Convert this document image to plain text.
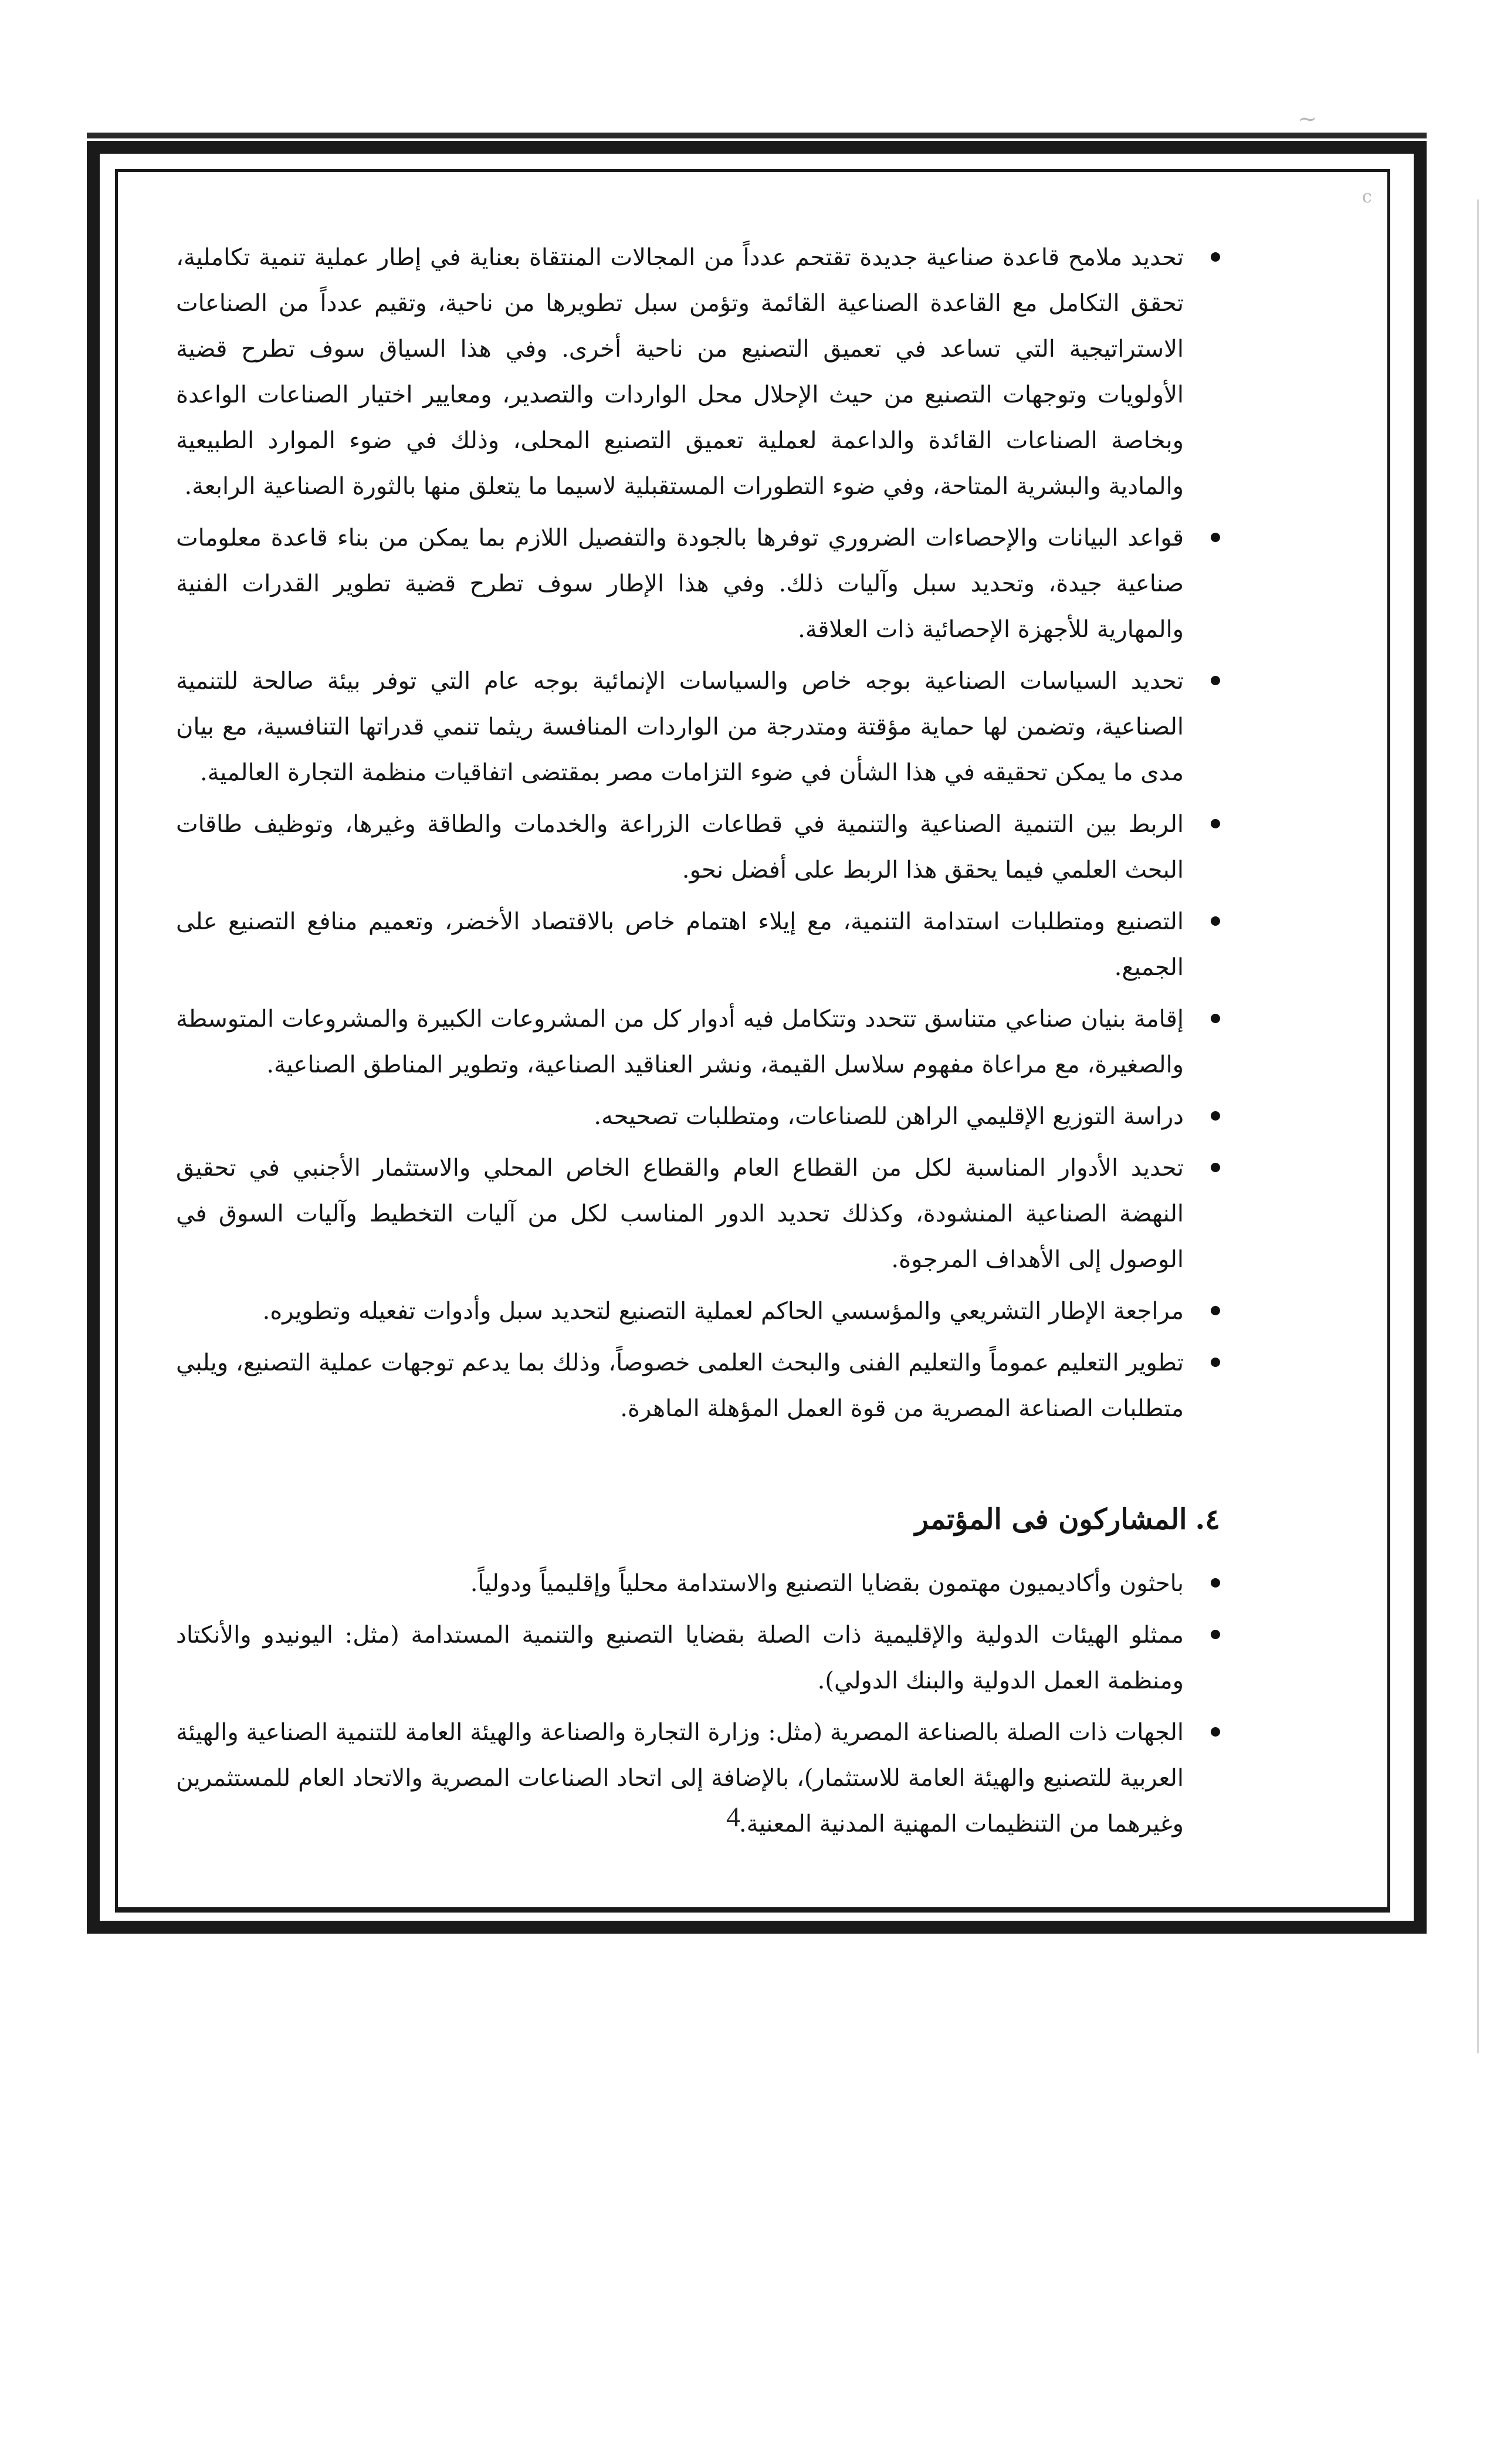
~
c
تحديد ملامح قاعدة صناعية جديدة تقتحم عدداً من المجالات المنتقاة بعناية في إطار عملية تنمية تكاملية، تحقق التكامل مع القاعدة الصناعية القائمة وتؤمن سبل تطويرها من ناحية، وتقيم عدداً من الصناعات الاستراتيجية التي تساعد في تعميق التصنيع من ناحية أخرى. وفي هذا السياق سوف تطرح قضية الأولويات وتوجهات التصنيع من حيث الإحلال محل الواردات والتصدير، ومعايير اختيار الصناعات الواعدة وبخاصة الصناعات القائدة والداعمة لعملية تعميق التصنيع المحلى، وذلك في ضوء الموارد الطبيعية والمادية والبشرية المتاحة، وفي ضوء التطورات المستقبلية لاسيما ما يتعلق منها بالثورة الصناعية الرابعة.
قواعد البيانات والإحصاءات الضروري توفرها بالجودة والتفصيل اللازم بما يمكن من بناء قاعدة معلومات صناعية جيدة، وتحديد سبل وآليات ذلك. وفي هذا الإطار سوف تطرح قضية تطوير القدرات الفنية والمهارية للأجهزة الإحصائية ذات العلاقة.
تحديد السياسات الصناعية بوجه خاص والسياسات الإنمائية بوجه عام التي توفر بيئة صالحة للتنمية الصناعية، وتضمن لها حماية مؤقتة ومتدرجة من الواردات المنافسة ريثما تنمي قدراتها التنافسية، مع بيان مدى ما يمكن تحقيقه في هذا الشأن في ضوء التزامات مصر بمقتضى اتفاقيات منظمة التجارة العالمية.
الربط بين التنمية الصناعية والتنمية في قطاعات الزراعة والخدمات والطاقة وغيرها، وتوظيف طاقات البحث العلمي فيما يحقق هذا الربط على أفضل نحو.
التصنيع ومتطلبات استدامة التنمية، مع إيلاء اهتمام خاص بالاقتصاد الأخضر، وتعميم منافع التصنيع على الجميع.
إقامة بنيان صناعي متناسق تتحدد وتتكامل فيه أدوار كل من المشروعات الكبيرة والمشروعات المتوسطة والصغيرة، مع مراعاة مفهوم سلاسل القيمة، ونشر العناقيد الصناعية، وتطوير المناطق الصناعية.
دراسة التوزيع الإقليمي الراهن للصناعات، ومتطلبات تصحيحه.
تحديد الأدوار المناسبة لكل من القطاع العام والقطاع الخاص المحلي والاستثمار الأجنبي في تحقيق النهضة الصناعية المنشودة، وكذلك تحديد الدور المناسب لكل من آليات التخطيط وآليات السوق في الوصول إلى الأهداف المرجوة.
مراجعة الإطار التشريعي والمؤسسي الحاكم لعملية التصنيع لتحديد سبل وأدوات تفعيله وتطويره.
تطوير التعليم عموماً والتعليم الفنى والبحث العلمى خصوصاً، وذلك بما يدعم توجهات عملية التصنيع، ويلبي متطلبات الصناعة المصرية من قوة العمل المؤهلة الماهرة.
٤.المشاركون فى المؤتمر
باحثون وأكاديميون مهتمون بقضايا التصنيع والاستدامة محلياً وإقليمياً ودولياً.
ممثلو الهيئات الدولية والإقليمية ذات الصلة بقضايا التصنيع والتنمية المستدامة (مثل: اليونيدو والأنكتاد ومنظمة العمل الدولية والبنك الدولي).
الجهات ذات الصلة بالصناعة المصرية (مثل: وزارة التجارة والصناعة والهيئة العامة للتنمية الصناعية والهيئة العربية للتصنيع والهيئة العامة للاستثمار)، بالإضافة إلى اتحاد الصناعات المصرية والاتحاد العام للمستثمرين وغيرهما من التنظيمات المهنية المدنية المعنية.
4
